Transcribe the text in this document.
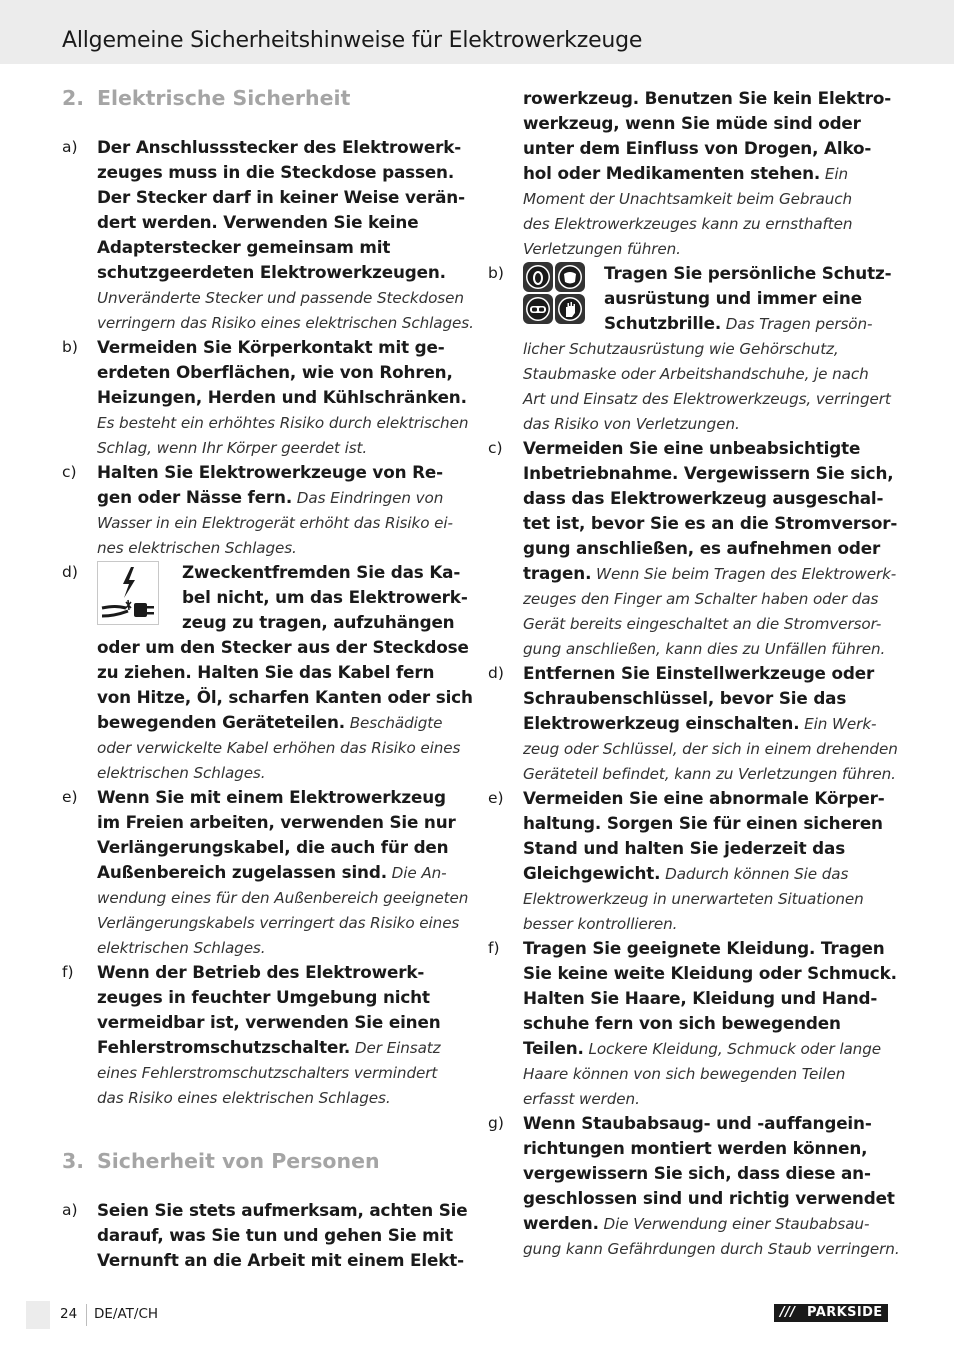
Allgemeine Sicherheitshinweise für Elektrowerkzeuge
2. Elektrische Sicherheit
a)	Der Anschlussstecker des Elektrowerk-
zeuges muss in die Steckdose passen.
Der Stecker darf in keiner Weise verän-
dert werden. Verwenden Sie keine
Adapterstecker gemeinsam mit
schutzgeerdeten Elektrowerkzeugen.
Unveränderte Stecker und passende Steckdosen
verringern das Risiko eines elektrischen Schlages.
b)	Vermeiden Sie Körperkontakt mit ge-
erdeten Oberflächen, wie von Rohren,
Heizungen, Herden und Kühlschränken.
Es besteht ein erhöhtes Risiko durch elektrischen
Schlag, wenn Ihr Körper geerdet ist.
c)	Halten Sie Elektrowerkzeuge von Re-
gen oder Nässe fern. Das Eindringen von
Wasser in ein Elektrogerät erhöht das Risiko ei-
nes elektrischen Schlages.
d)	Zweckentfremden Sie das Ka-
bel nicht, um das Elektrowerk-
zeug zu tragen, aufzuhängen
oder um den Stecker aus der Steckdose
zu ziehen. Halten Sie das Kabel fern
von Hitze, Öl, scharfen Kanten oder sich
bewegenden Geräteteilen. Beschädigte
oder verwickelte Kabel erhöhen das Risiko eines
elektrischen Schlages.
e)	Wenn Sie mit einem Elektrowerkzeug
im Freien arbeiten, verwenden Sie nur
Verlängerungskabel, die auch für den
Außenbereich zugelassen sind. Die An-
wendung eines für den Außenbereich geeigneten
Verlängerungskabels verringert das Risiko eines
elektrischen Schlages.
f)	Wenn der Betrieb des Elektrowerk-
zeuges in feuchter Umgebung nicht
vermeidbar ist, verwenden Sie einen
Fehlerstromschutzschalter. Der Einsatz
eines Fehlerstromschutzschalters vermindert
das Risiko eines elektrischen Schlages.
3. Sicherheit von Personen
a)	Seien Sie stets aufmerksam, achten Sie
darauf, was Sie tun und gehen Sie mit
Vernunft an die Arbeit mit einem Elekt-
rowerkzeug. Benutzen Sie kein Elektro-
werkzeug, wenn Sie müde sind oder
unter dem Einfluss von Drogen, Alko-
hol oder Medikamenten stehen. Ein
Moment der Unachtsamkeit beim Gebrauch
des Elektrowerkzeuges kann zu ernsthaften
Verletzungen führen.
b)	Tragen Sie persönliche Schutz-
ausrüstung und immer eine
Schutzbrille. Das Tragen persön-
licher Schutzausrüstung wie Gehörschutz,
Staubmaske oder Arbeitshandschuhe, je nach
Art und Einsatz des Elektrowerkzeugs, verringert
das Risiko von Verletzungen.
c)	Vermeiden Sie eine unbeabsichtigte
Inbetriebnahme. Vergewissern Sie sich,
dass das Elektrowerkzeug ausgeschal-
tet ist, bevor Sie es an die Stromversor-
gung anschließen, es aufnehmen oder
tragen. Wenn Sie beim Tragen des Elektrowerk-
zeuges den Finger am Schalter haben oder das
Gerät bereits eingeschaltet an die Stromversor-
gung anschließen, kann dies zu Unfällen führen.
d)	Entfernen Sie Einstellwerkzeuge oder
Schraubenschlüssel, bevor Sie das
Elektrowerkzeug einschalten. Ein Werk-
zeug oder Schlüssel, der sich in einem drehenden
Geräteteil befindet, kann zu Verletzungen führen.
e)	Vermeiden Sie eine abnormale Körper-
haltung. Sorgen Sie für einen sicheren
Stand und halten Sie jederzeit das
Gleichgewicht. Dadurch können Sie das
Elektrowerkzeug in unerwarteten Situationen
besser kontrollieren.
f)	Tragen Sie geeignete Kleidung. Tragen
Sie keine weite Kleidung oder Schmuck.
Halten Sie Haare, Kleidung und Hand-
schuhe fern von sich bewegenden
Teilen. Lockere Kleidung, Schmuck oder lange
Haare können von sich bewegenden Teilen
erfasst werden.
g)	Wenn Staubabsaug- und -auffangein-
richtungen montiert werden können,
vergewissern Sie sich, dass diese an-
geschlossen sind und richtig verwendet
werden. Die Verwendung einer Staubabsau-
gung kann Gefährdungen durch Staub verringern.
24 DE/AT/CH	/// PARKSIDE
